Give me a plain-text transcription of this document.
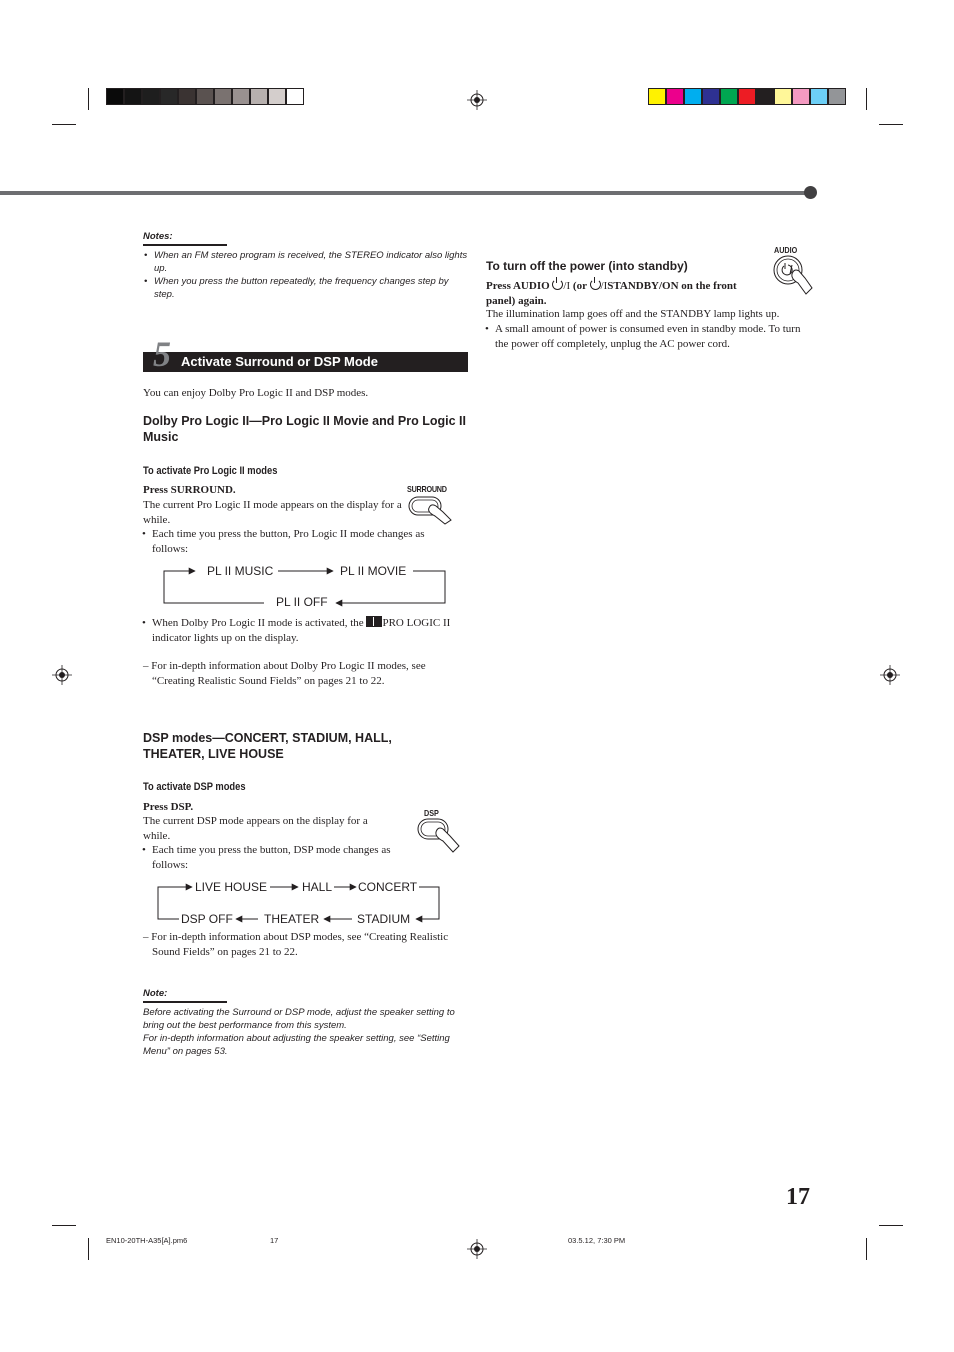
Notes:
• When an FM stereo program is received, the STEREO indicator also lights up.
• When you press the button repeatedly, the frequency changes step by step.
5 Activate Surround or DSP Mode
You can enjoy Dolby Pro Logic II and DSP modes.
Dolby Pro Logic II—Pro Logic II Movie and Pro Logic II Music
To activate Pro Logic II modes
Press SURROUND.
The current Pro Logic II mode appears on the display for a while.
• Each time you press the button, Pro Logic II mode changes as follows:
SURROUND
PL II MUSIC	PL II MOVIE
PL II OFF
• When Dolby Pro Logic II mode is activated, the PRO LOGIC II indicator lights up on the display.
– For in-depth information about Dolby Pro Logic II modes, see “Creating Realistic Sound Fields” on pages 21 to 22.
DSP modes—CONCERT, STADIUM, HALL, THEATER, LIVE HOUSE
To activate DSP modes
Press DSP.
The current DSP mode appears on the display for a while.
• Each time you press the button, DSP mode changes as follows:
DSP
LIVE HOUSE	HALL CONCERT
STADIUM
THEATER
DSP OFF
– For in-depth information about DSP modes, see “Creating Realistic Sound Fields” on pages 21 to 22.
Note:
Before activating the Surround or DSP mode, adjust the speaker setting to bring out the best performance from this system.
For in-depth information about adjusting the speaker setting, see “Setting Menu” on pages 53.
To turn off the power (into standby)
AUDIO
Press AUDIO /I (or /ISTANDBY/ON on the front panel) again.
The illumination lamp goes off and the STANDBY lamp lights up.
• A small amount of power is consumed even in standby mode. To turn the power off completely, unplug the AC power cord.
17
EN10-20TH-A35[A].pm6	17	03.5.12, 7:30 PM
